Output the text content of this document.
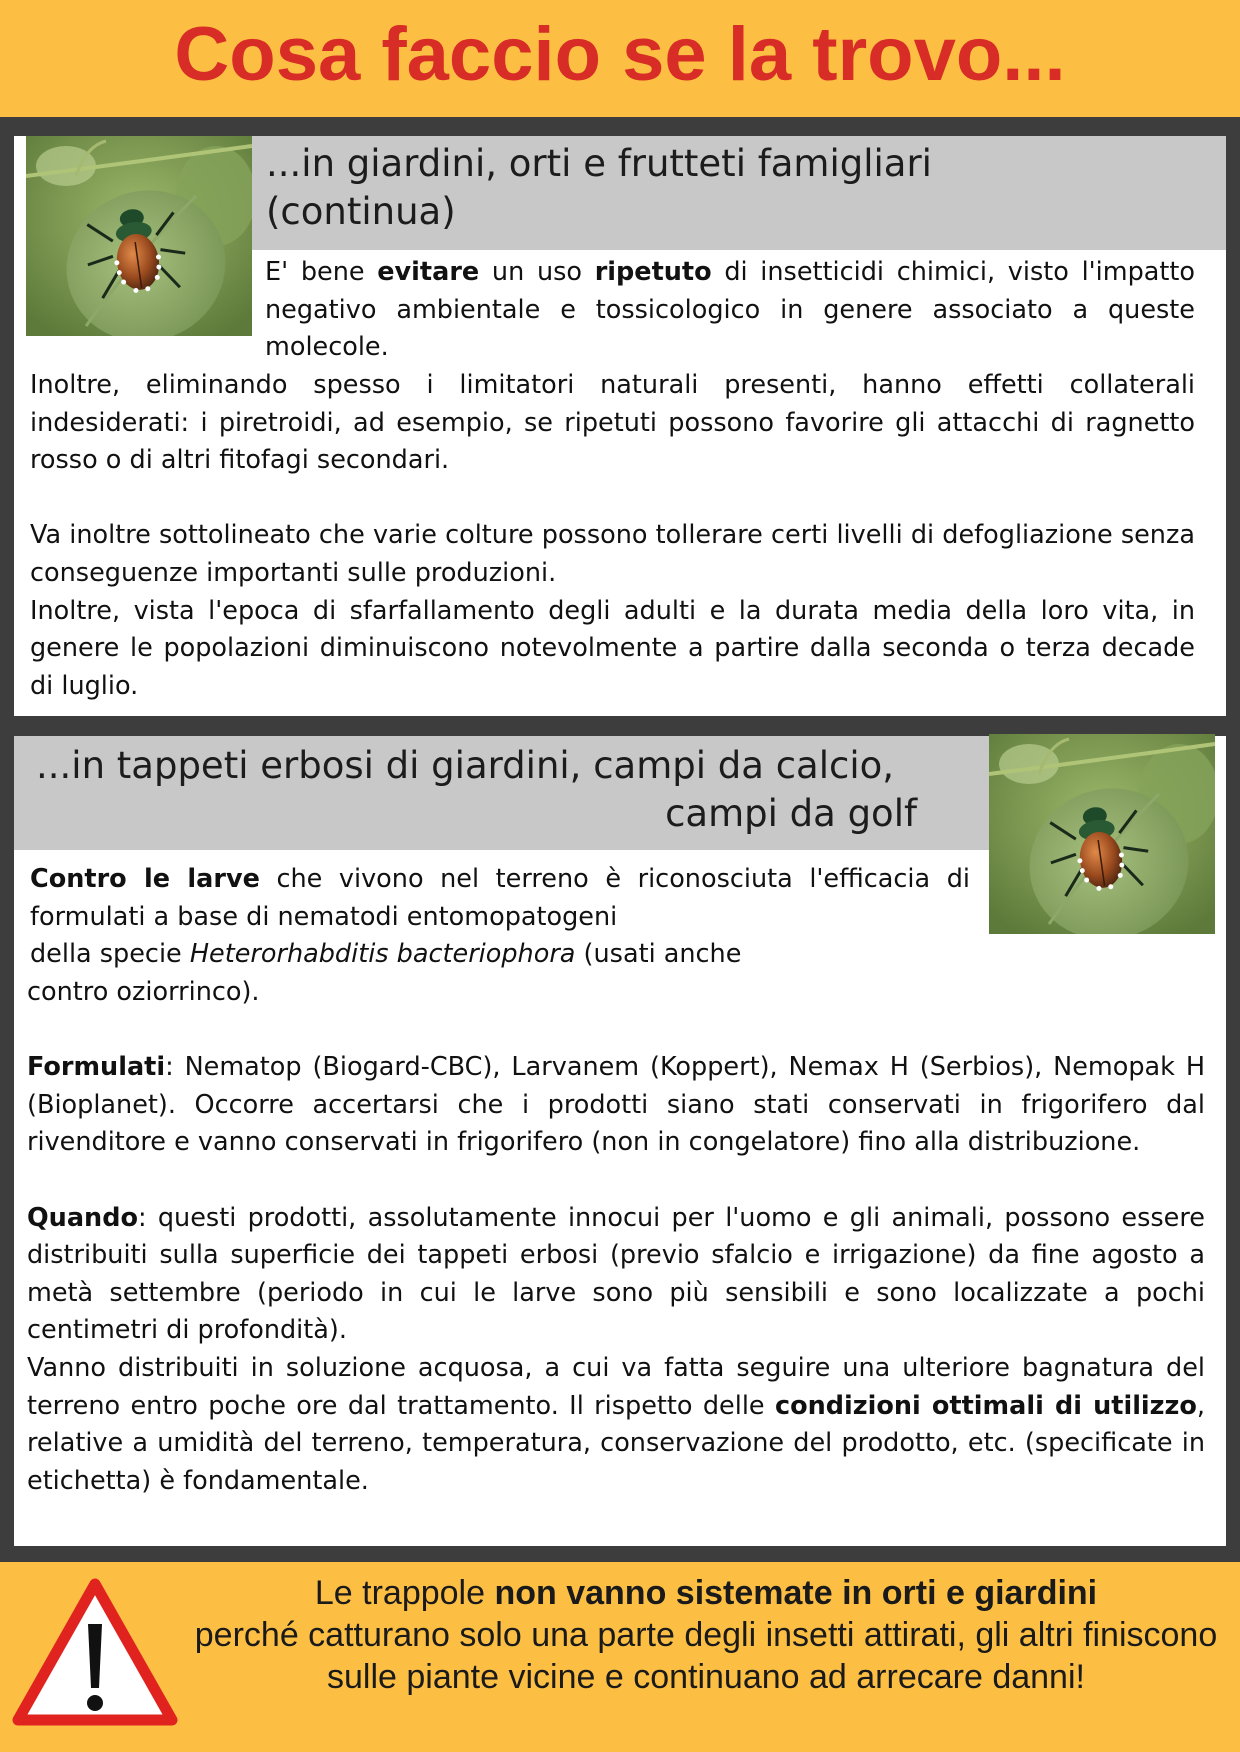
Cosa faccio se la trovo...
...in giardini, orti e frutteti famigliari
(continua)

E' bene evitare un uso ripetuto di insetticidi chimici, visto l'impatto negativo ambientale e tossicologico in genere associato a queste molecole.

Inoltre, eliminando spesso i limitatori naturali presenti, hanno effetti collaterali indesiderati: i piretroidi, ad esempio, se ripetuti possono favorire gli attacchi di ragnetto rosso o di altri fitofagi secondari.

Va inoltre sottolineato che varie colture possono tollerare certi livelli di defogliazione senza conseguenze importanti sulle produzioni.

Inoltre, vista l'epoca di sfarfallamento degli adulti e la durata media della loro vita, in genere le popolazioni diminuiscono notevolmente a partire dalla seconda o terza decade di luglio.

...in tappeti erbosi di giardini, campi da calcio,
campi da golf

Contro le larve che vivono nel terreno è riconosciuta l'efficacia di formulati a base di nematodi entomopatogeni

della specie Heterorhabditis bacteriophora (usati anche

contro oziorrinco).

Formulati: Nematop (Biogard-CBC), Larvanem (Koppert), Nemax H (Serbios), Nemopak H (Bioplanet). Occorre accertarsi che i prodotti siano stati conservati in frigorifero dal rivenditore e vanno conservati in frigorifero (non in congelatore) fino alla distribuzione.

Quando: questi prodotti, assolutamente innocui per l'uomo e gli animali, possono essere distribuiti sulla superficie dei tappeti erbosi (previo sfalcio e irrigazione) da fine agosto a metà settembre (periodo in cui le larve sono più sensibili e sono localizzate a pochi centimetri di profondità).

Vanno distribuiti in soluzione acquosa, a cui va fatta seguire una ulteriore bagnatura del terreno entro poche ore dal trattamento. Il rispetto delle condizioni ottimali di utilizzo, relative a umidità del terreno, temperatura, conservazione del prodotto, etc. (specificate in etichetta) è fondamentale.

Le trappole non vanno sistemate in orti e giardini
perché catturano solo una parte degli insetti attirati, gli altri finiscono sulle piante vicine e continuano ad arrecare danni!
